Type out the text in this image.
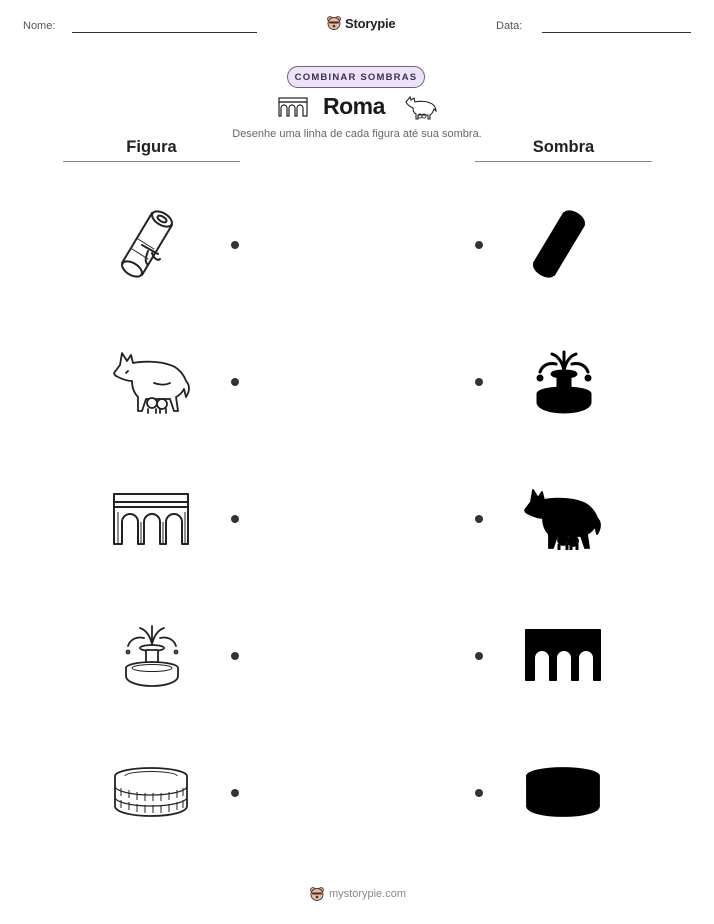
Nome:	Storypie	Data:
COMBINAR SOMBRAS
Roma
Desenhe uma linha de cada figura até sua sombra.
Figura	Sombra
mystorypie.com
